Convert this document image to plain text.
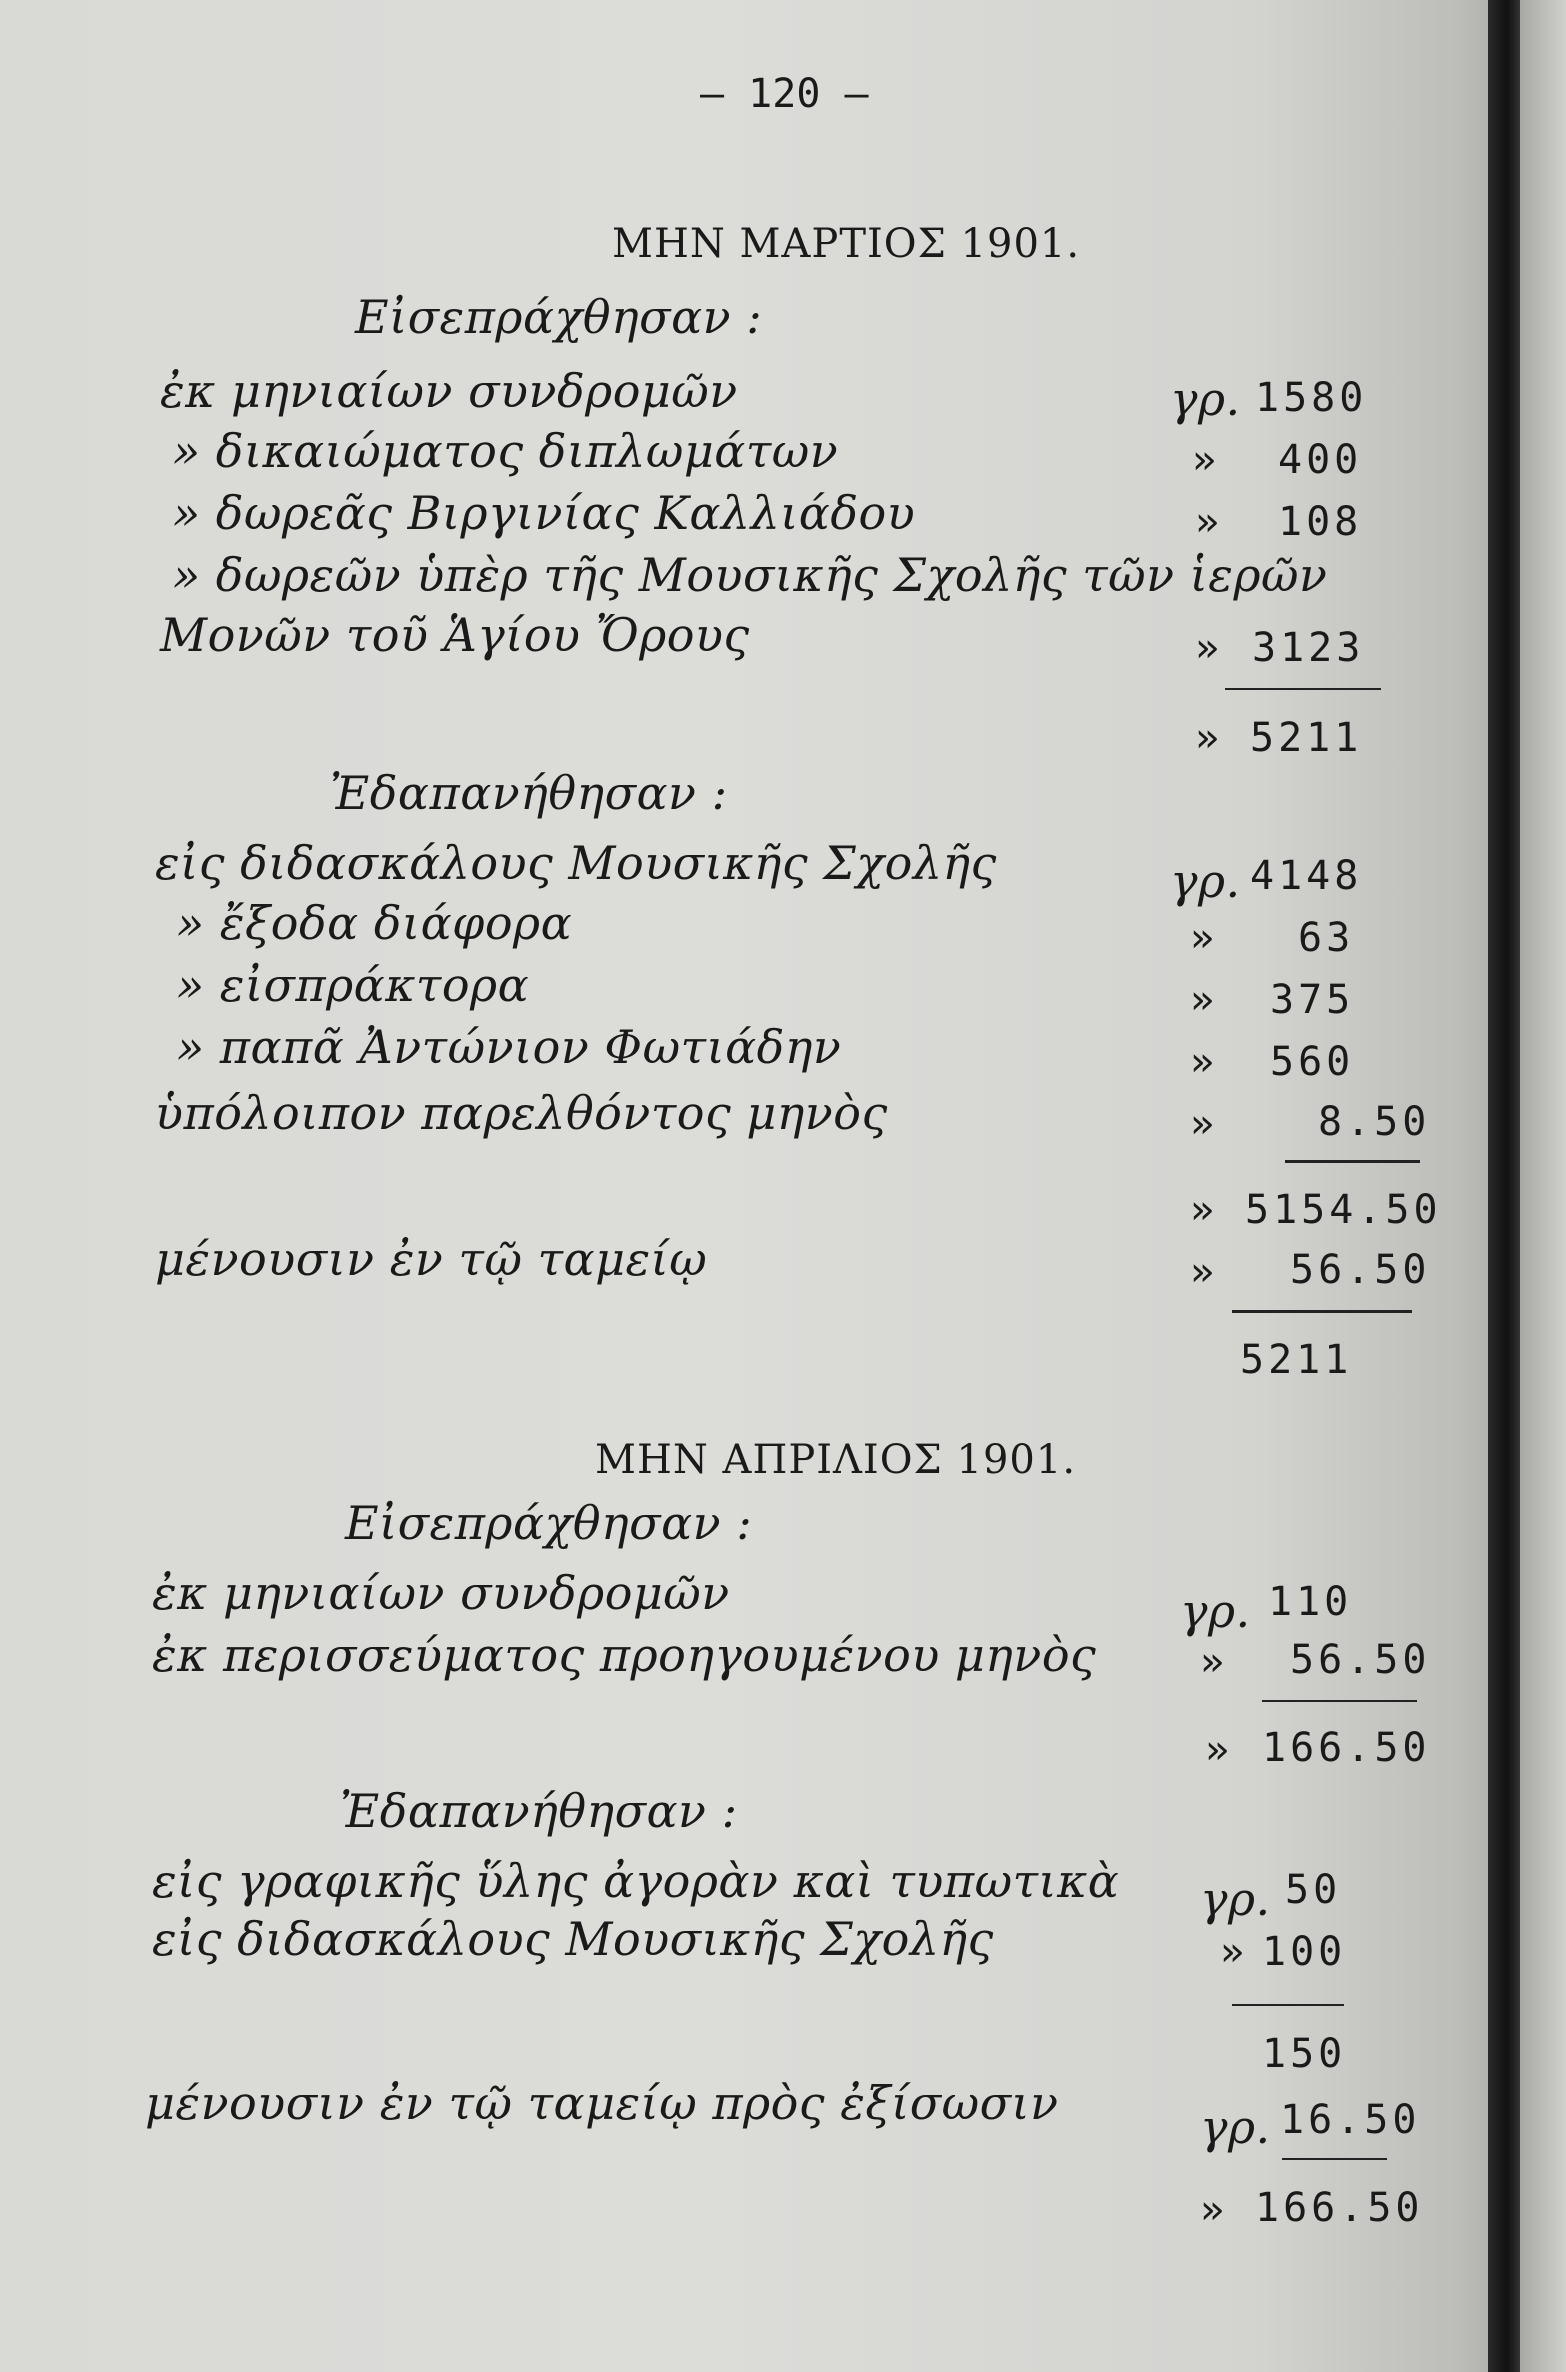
— 120 —
ΜΗΝ ΜΑΡΤΙΟΣ 1901.
Εἰσεπράχθησαν :
ἐκ μηνιαίων συνδρομῶν	γρ. 1580
» δικαιώματος διπλωμάτων	» 400
» δωρεᾶς Βιργινίας Καλλιάδου	» 108
» δωρεῶν ὑπὲρ τῆς Μουσικῆς Σχολῆς τῶν ἱερῶν
Μονῶν τοῦ Ἁγίου Ὄρους	» 3123
» 5211
Ἐδαπανήθησαν :
εἰς διδασκάλους Μουσικῆς Σχολῆς	γρ. 4148
» ἔξοδα διάφορα	» 63
» εἰσπράκτορα	» 375
» παπᾶ Ἀντώνιον Φωτιάδην	» 560
ὑπόλοιπον παρελθόντος μηνὸς	» 8.50
» 5154.50
μένουσιν ἐν τῷ ταμείῳ	» 56.50
5211
ΜΗΝ ΑΠΡΙΛΙΟΣ 1901.
Εἰσεπράχθησαν :
ἐκ μηνιαίων συνδρομῶν	γρ. 110
ἐκ περισσεύματος προηγουμένου μηνὸς	» 56.50
» 166.50
Ἐδαπανήθησαν :
εἰς γραφικῆς ὕλης ἀγορὰν καὶ τυπωτικὰ γρ. 50
εἰς διδασκάλους Μουσικῆς Σχολῆς	» 100
150
μένουσιν ἐν τῷ ταμείῳ πρὸς ἐξίσωσιν	γρ. 16.50
» 166.50
